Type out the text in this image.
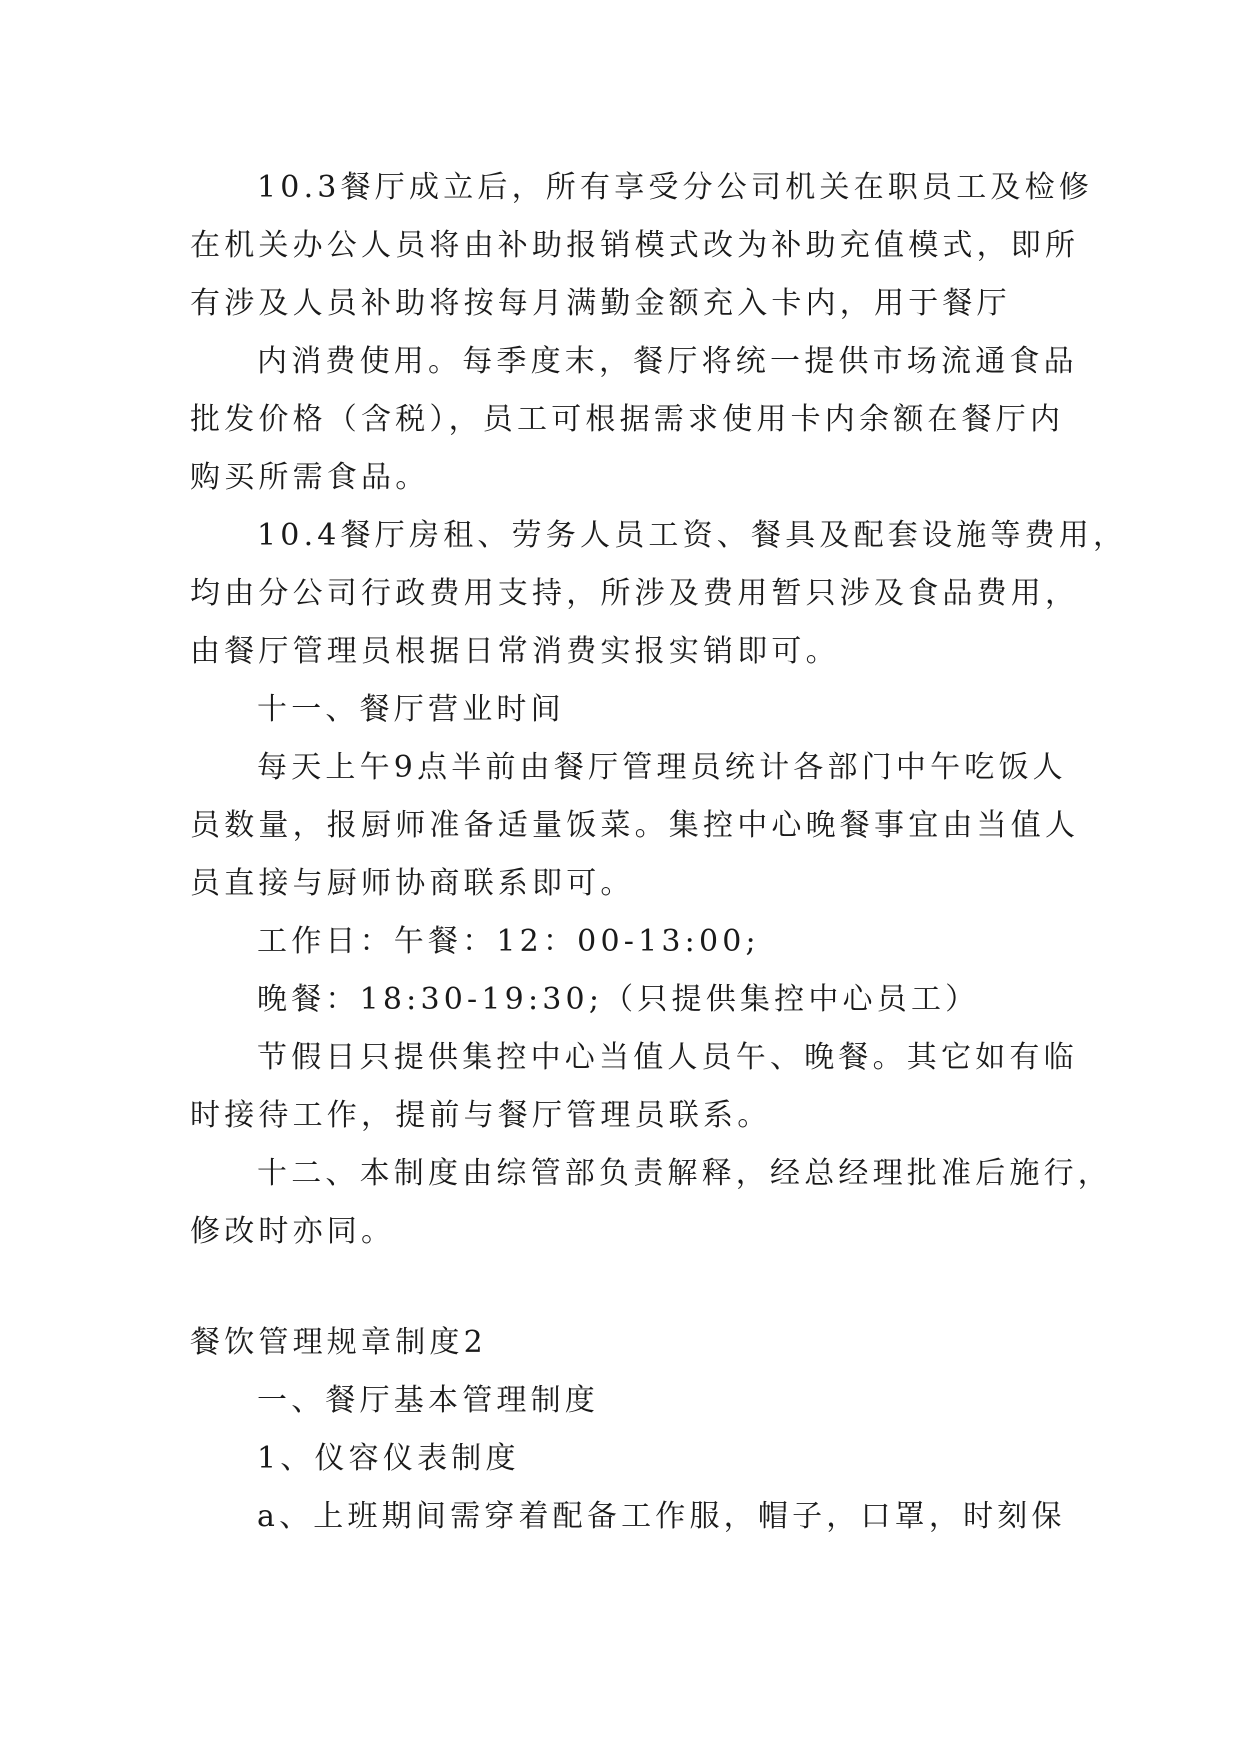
10.3餐厅成立后，所有享受分公司机关在职员工及检修

在机关办公人员将由补助报销模式改为补助充值模式，即所

有涉及人员补助将按每月满勤金额充入卡内，用于餐厅

内消费使用。每季度末，餐厅将统一提供市场流通食品

批发价格（含税），员工可根据需求使用卡内余额在餐厅内

购买所需食品。

10.4餐厅房租、劳务人员工资、餐具及配套设施等费用，

均由分公司行政费用支持，所涉及费用暂只涉及食品费用，

由餐厅管理员根据日常消费实报实销即可。

十一、餐厅营业时间

每天上午9点半前由餐厅管理员统计各部门中午吃饭人

员数量，报厨师准备适量饭菜。集控中心晚餐事宜由当值人

员直接与厨师协商联系即可。

工作日：午餐：12：00-13:00;

晚餐：18:30-19:30;（只提供集控中心员工）

节假日只提供集控中心当值人员午、晚餐。其它如有临

时接待工作，提前与餐厅管理员联系。

十二、本制度由综管部负责解释，经总经理批准后施行，

修改时亦同。

餐饮管理规章制度2

一、餐厅基本管理制度

1、仪容仪表制度

a、上班期间需穿着配备工作服，帽子，口罩，时刻保
